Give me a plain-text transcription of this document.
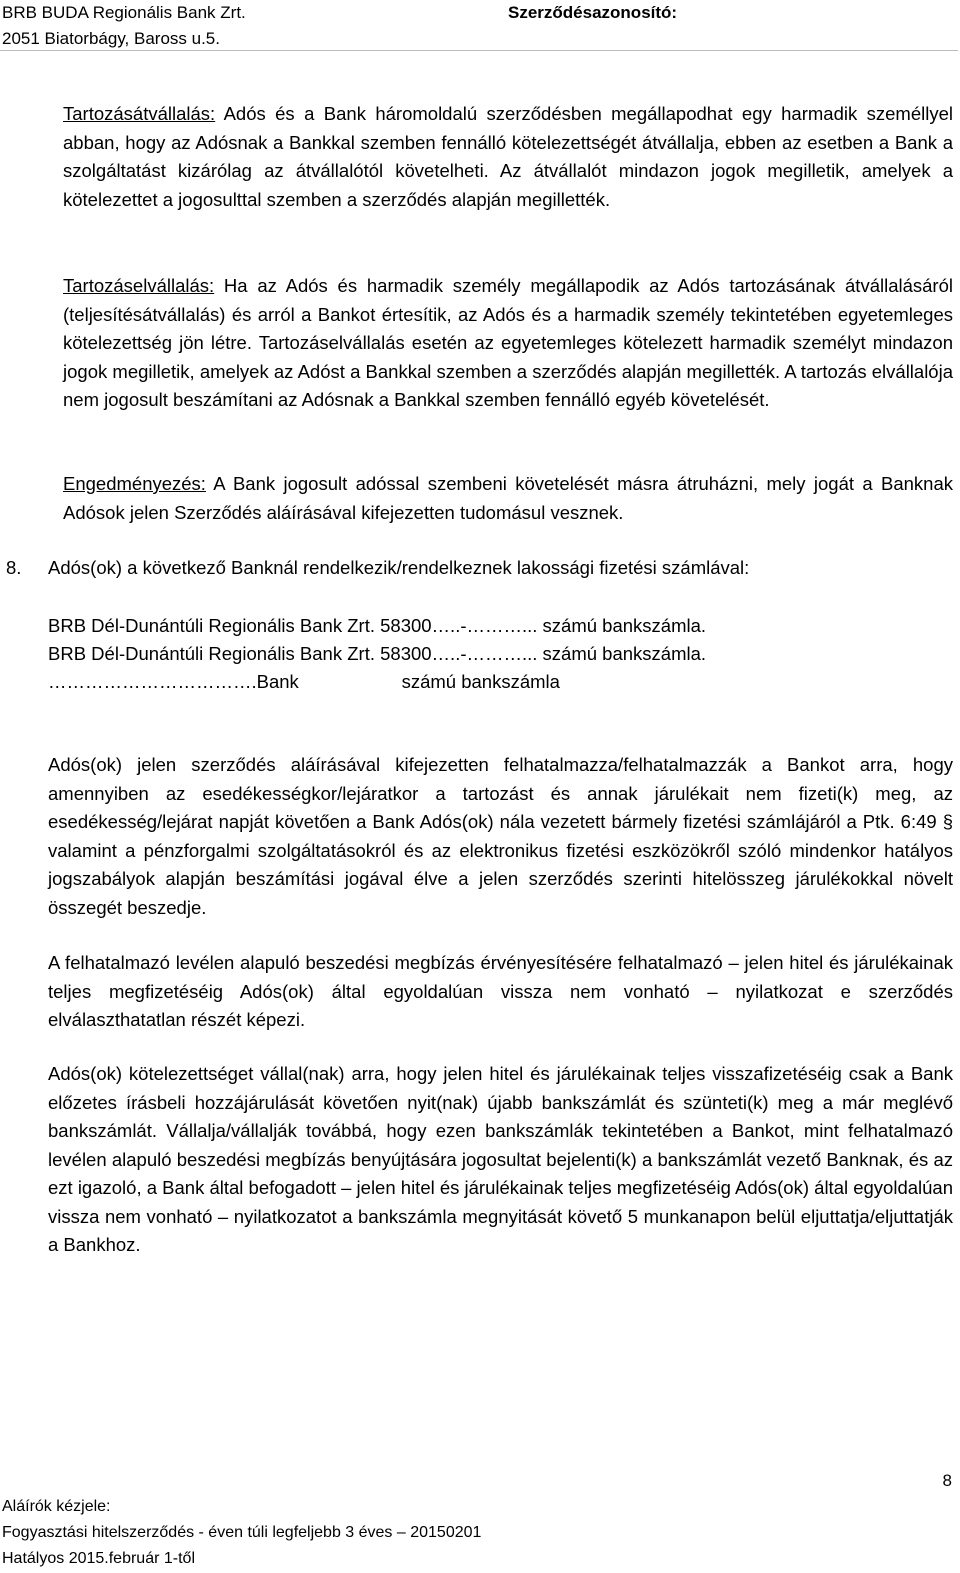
BRB BUDA Regionális Bank Zrt.
2051 Biatorbágy, Baross u.5.
Szerződésazonosító:
Tartozásátvállalás: Adós és a Bank háromoldalú szerződésben megállapodhat egy harmadik személlyel abban, hogy az Adósnak a Bankkal szemben fennálló kötelezettségét átvállalja, ebben az esetben a Bank a szolgáltatást kizárólag az átvállalótól követelheti. Az átvállalót mindazon jogok megilletik, amelyek a kötelezettet a jogosulttal szemben a szerződés alapján megillették.
Tartozáselvállalás: Ha az Adós és harmadik személy megállapodik az Adós tartozásának átvállalásáról (teljesítésátvállalás) és arról a Bankot értesítik, az Adós és a harmadik személy tekintetében egyetemleges kötelezettség jön létre. Tartozáselvállalás esetén az egyetemleges kötelezett harmadik személyt mindazon jogok megilletik, amelyek az Adóst a Bankkal szemben a szerződés alapján megillették. A tartozás elvállalója nem jogosult beszámítani az Adósnak a Bankkal szemben fennálló egyéb követelését.
Engedményezés: A Bank jogosult adóssal szembeni követelését másra átruházni, mely jogát a Banknak Adósok jelen Szerződés aláírásával kifejezetten tudomásul vesznek.
8. Adós(ok) a következő Banknál rendelkezik/rendelkeznek lakossági fizetési számlával:
BRB Dél-Dunántúli Regionális Bank Zrt. 58300…..-………... számú bankszámla.
BRB Dél-Dunántúli Regionális Bank Zrt. 58300…..-………... számú bankszámla.
…………………………….Bank                    számú bankszámla
Adós(ok) jelen szerződés aláírásával kifejezetten felhatalmazza/felhatalmazzák a Bankot arra, hogy amennyiben az esedékességkor/lejáratkor a tartozást és annak járulékait nem fizeti(k) meg, az esedékesség/lejárat napját követően a Bank Adós(ok) nála vezetett bármely fizetési számlájáról a Ptk. 6:49 § valamint a pénzforgalmi szolgáltatásokról és az elektronikus fizetési eszközökről szóló mindenkor hatályos jogszabályok alapján beszámítási jogával élve a jelen szerződés szerinti hitelösszeg járulékokkal növelt összegét beszedje.
A felhatalmazó levélen alapuló beszedési megbízás érvényesítésére felhatalmazó – jelen hitel és járulékainak teljes megfizetéséig Adós(ok) által egyoldalúan vissza nem vonható – nyilatkozat e szerződés elválaszthatatlan részét képezi.
Adós(ok) kötelezettséget vállal(nak) arra, hogy jelen hitel és járulékainak teljes visszafizetéséig csak a Bank előzetes írásbeli hozzájárulását követően nyit(nak) újabb bankszámlát és szünteti(k) meg a már meglévő bankszámlát. Vállalja/vállalják továbbá, hogy ezen bankszámlák tekintetében a Bankot, mint felhatalmazó levélen alapuló beszedési megbízás benyújtására jogosultat bejelenti(k) a bankszámlát vezető Banknak, és az ezt igazoló, a Bank által befogadott – jelen hitel és járulékainak teljes megfizetéséig Adós(ok) által egyoldalúan vissza nem vonható – nyilatkozatot a bankszámla megnyitását követő 5 munkanapon belül eljuttatja/eljuttatják a Bankhoz.
8
Aláírók kézjele:
Fogyasztási hitelszerződés - éven túli legfeljebb 3 éves – 20150201
Hatályos 2015.február 1-től
